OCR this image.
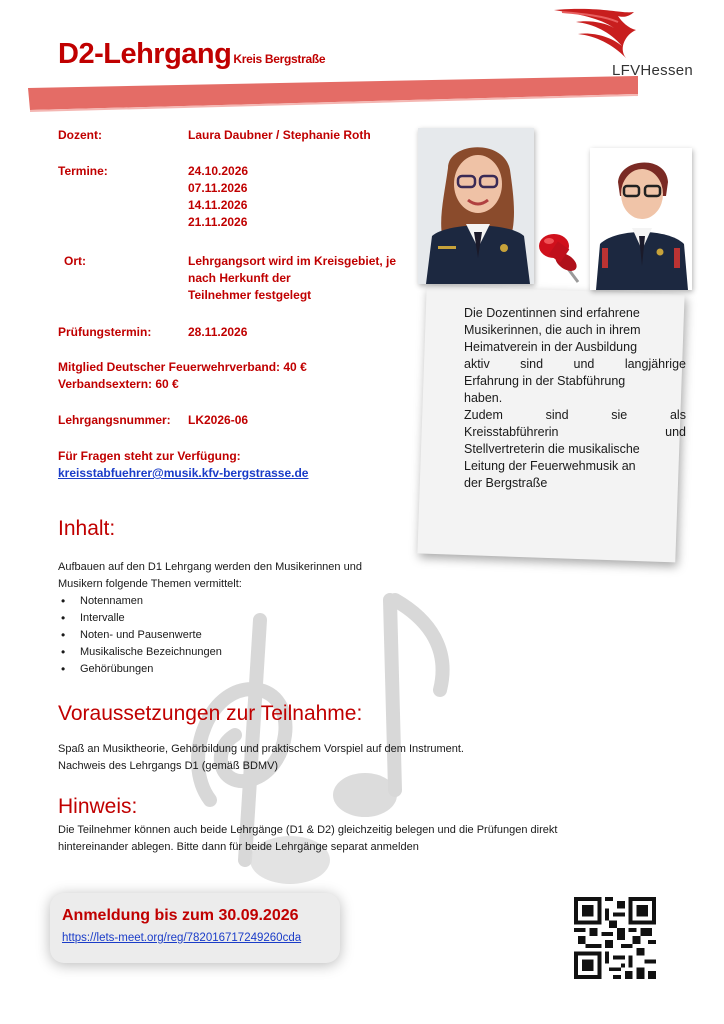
D2-Lehrgang Kreis Bergstraße
LFVHessen
Dozent:	Laura Daubner / Stephanie Roth
Termine:	24.10.2026
07.11.2026
14.11.2026
21.11.2026
Ort:	Lehrgangsort wird im Kreisgebiet, je
nach Herkunft der
Teilnehmer festgelegt
Prüfungstermin:	28.11.2026
Mitglied Deutscher Feuerwehrverband: 40 €
Verbandsextern: 60 €
Lehrgangsnummer: LK2026-06
Für Fragen steht zur Verfügung:
kreisstabfuehrer@musik.kfv-bergstrasse.de
Die Dozentinnen sind erfahrene
Musikerinnen, die auch in ihrem
Heimatverein in der Ausbildung
aktiv sind und langjährige
Erfahrung in der Stabführung
haben.
Zudem	sind	sie	als
Kreisstabführerin	und
Stellvertreterin die musikalische
Leitung der Feuerwehmusik an
der Bergstraße
Inhalt:
Aufbauen auf den D1 Lehrgang werden den Musikerinnen und
Musikern folgende Themen vermittelt:
• Notennamen
• Intervalle
• Noten- und Pausenwerte
• Musikalische Bezeichnungen
• Gehörübungen
Voraussetzungen zur Teilnahme:
Spaß an Musiktheorie, Gehörbildung und praktischem Vorspiel auf dem Instrument.
Nachweis des Lehrgangs D1 (gemäß BDMV)
Hinweis:
Die Teilnehmer können auch beide Lehrgänge (D1 & D2) gleichzeitig belegen und die Prüfungen direkt
hintereinander ablegen. Bitte dann für beide Lehrgänge separat anmelden
Anmeldung bis zum 30.09.2026
https://lets-meet.org/reg/782016717249260cda
